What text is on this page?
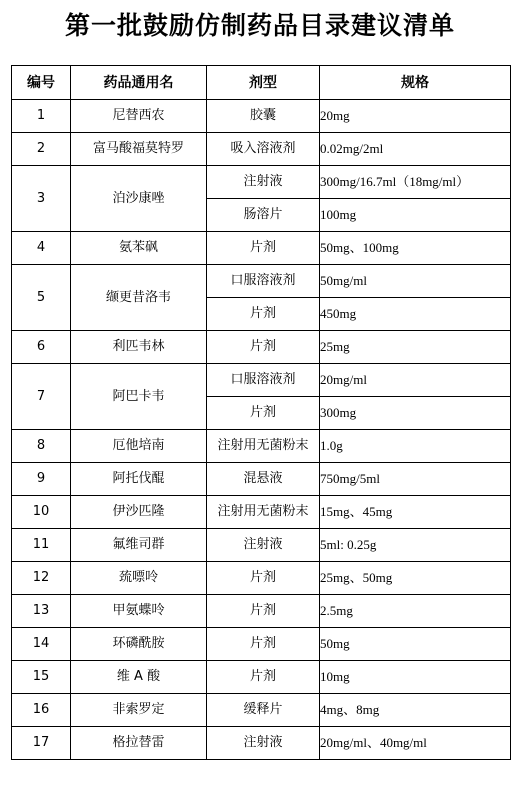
第一批鼓励仿制药品目录建议清单
编号	药品通用名	剂型	规格
1	尼替西农	胶囊	20mg
2	富马酸福莫特罗	吸入溶液剂	0.02mg/2ml
3	泊沙康唑	注射液	300mg/16.7ml（18mg/ml）
		肠溶片	100mg
4	氨苯砜	片剂	50mg、100mg
5	缬更昔洛韦	口服溶液剂	50mg/ml
		片剂	450mg
6	利匹韦林	片剂	25mg
7	阿巴卡韦	口服溶液剂	20mg/ml
		片剂	300mg
8	厄他培南	注射用无菌粉末	1.0g
9	阿托伐醌	混悬液	750mg/5ml
10	伊沙匹隆	注射用无菌粉末	15mg、45mg
11	氟维司群	注射液	5ml: 0.25g
12	巯嘌呤	片剂	25mg、50mg
13	甲氨蝶呤	片剂	2.5mg
14	环磷酰胺	片剂	50mg
15	维 A 酸	片剂	10mg
16	非索罗定	缓释片	4mg、8mg
17	格拉替雷	注射液	20mg/ml、40mg/ml
